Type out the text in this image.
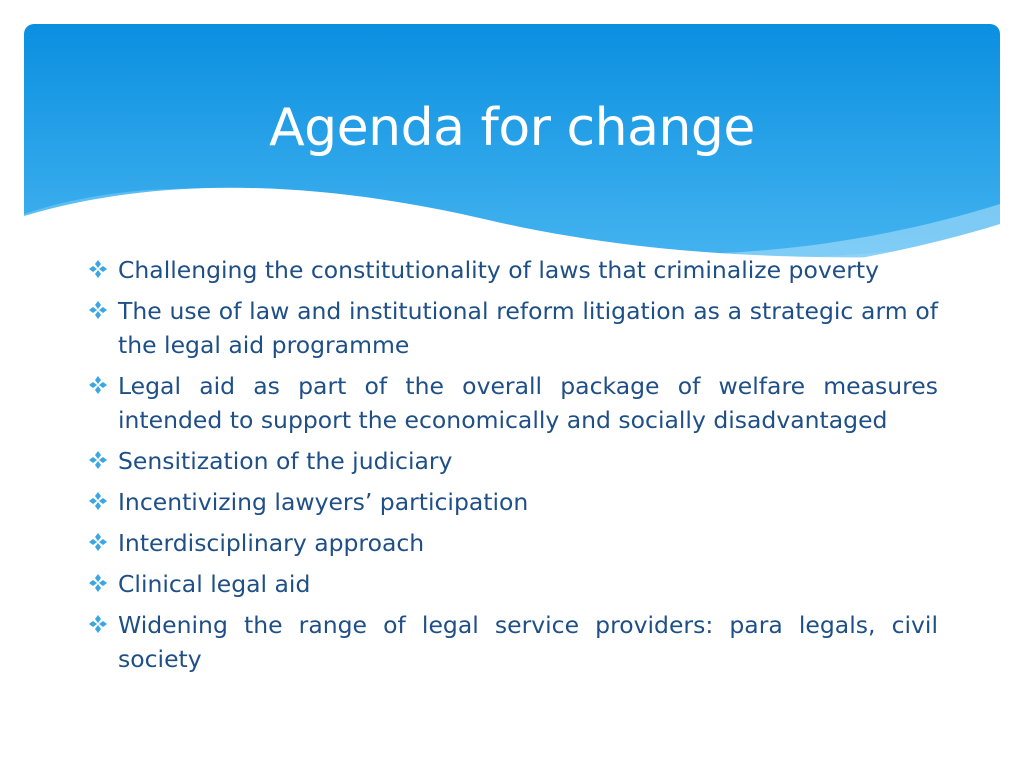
Agenda for change
Challenging the constitutionality of laws that criminalize poverty
The use of law and institutional reform litigation as a strategic arm of the legal aid programme
Legal aid as part of the overall package of welfare measures intended to support the economically and socially disadvantaged
Sensitization of the judiciary
Incentivizing lawyers’ participation
Interdisciplinary approach
Clinical legal aid
Widening the range of legal service providers: para legals, civil society
